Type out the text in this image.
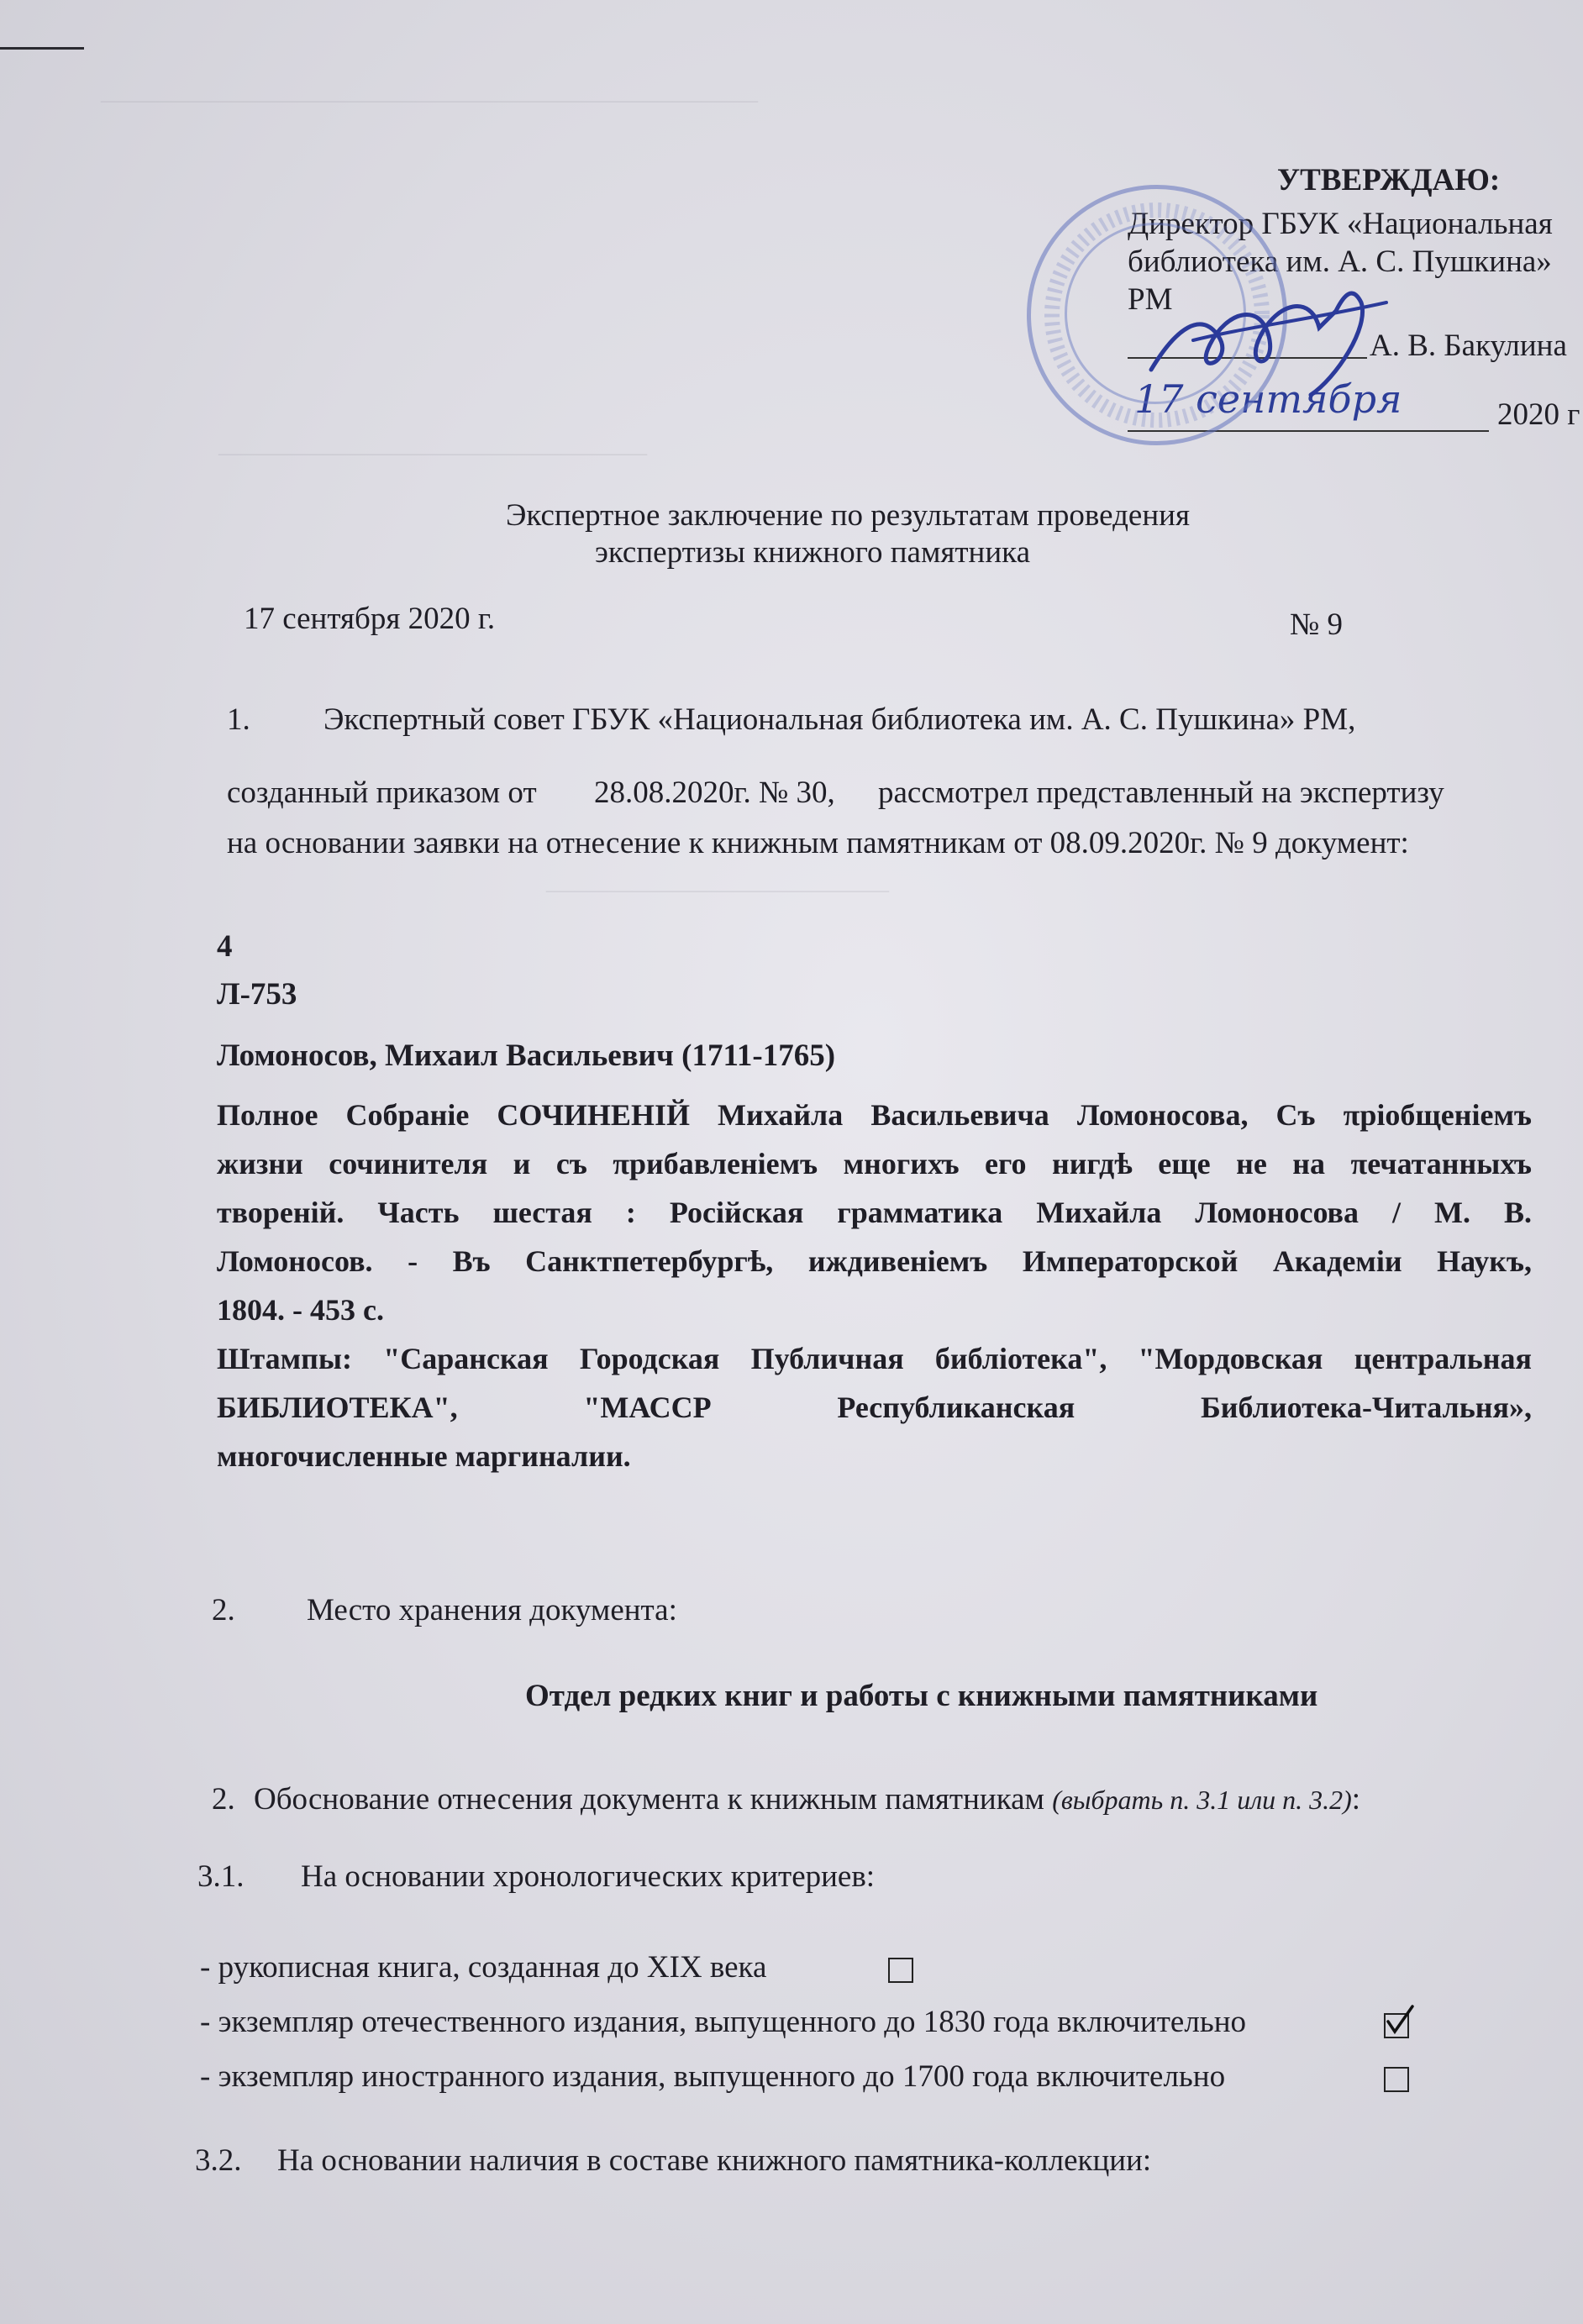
———————————————————————
———————————————
————————————
УТВЕРЖДАЮ:
Директор ГБУК «Национальная
библиотека им. А. С. Пушкина»
РМ
А. В. Бакулина
17 сентября	2020 г
Экспертное заключение по результатам проведения
экспертизы книжного памятника
17 сентября 2020 г.	№ 9
1. Экспертный совет ГБУК «Национальная библиотека им. А. С. Пушкина» РМ,
созданный приказом от 28.08.2020г. № 30, рассмотрел представленный на экспертизу
на основании заявки на отнесение к книжным памятникам от 08.09.2020г. № 9 документ:
4
Л-753
Ломоносов, Михаил Васильевич (1711-1765)
Полное Собраніе СОЧИНЕНІЙ Михайла Васильевича Ломоносова, Съ πріобщеніемъ
жизни сочинителя и съ πрибавленіемъ многихъ его нигдѣ еще не на πечатанныхъ
твореній. Часть шестая : Російская грамматика Михайла Ломоносова / М. В.
Ломоносов. - Въ Санктпетербургѣ, иждивеніемъ Императорской Академіи Наукъ,
1804. - 453 с.
Штампы: "Саранская Городская Публичная библіотека", "Мордовская центральная
БИБЛИОТЕКА", "МАССР Республиканская Библиотека-Читальня»,
многочисленные маргиналии.
2. Место хранения документа:
Отдел редких книг и работы с книжными памятниками
2. Обоснование отнесения документа к книжным памятникам (выбрать п. 3.1 или п. 3.2):
3.1. На основании хронологических критериев:
- рукописная книга, созданная до XIX века
- экземпляр отечественного издания, выпущенного до 1830 года включительно
- экземпляр иностранного издания, выпущенного до 1700 года включительно
3.2. На основании наличия в составе книжного памятника-коллекции:
